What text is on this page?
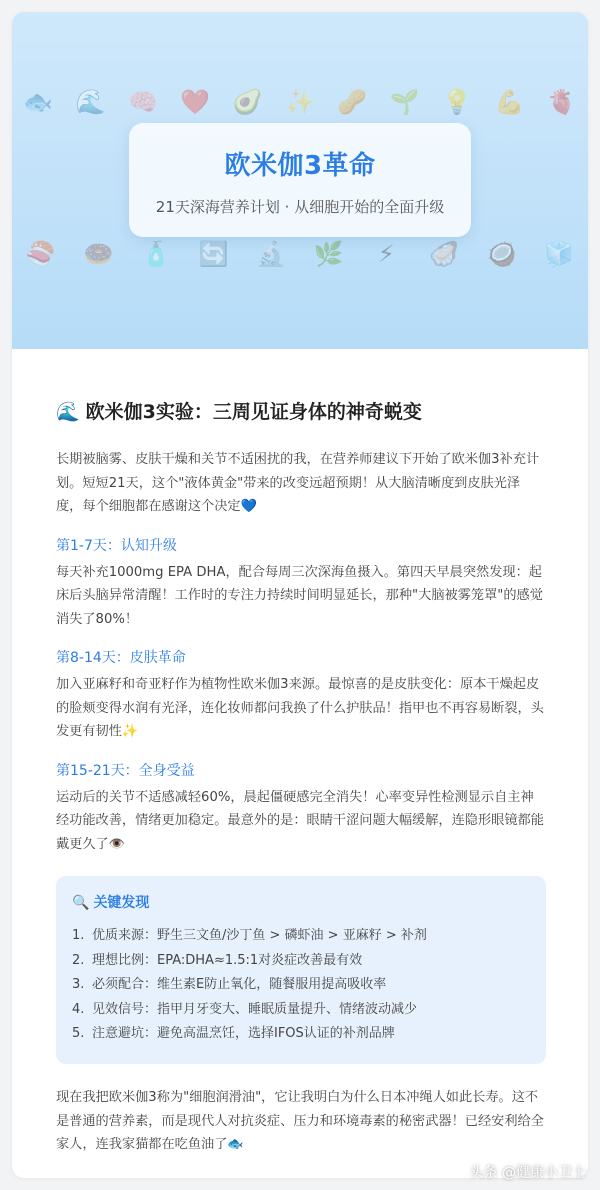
🐟 🌊 🧠 ❤️ 🥑 ✨ 🥜 🌱 💡 💪 🫀
🍣 🍩 🧴 🔄 🔬 🌿 ⚡ 🦪 🥥 🧊
欧米伽3革命
21天深海营养计划 · 从细胞开始的全面升级
🌊 欧米伽3实验：三周见证身体的神奇蜕变

长期被脑雾、皮肤干燥和关节不适困扰的我，在营养师建议下开始了欧米伽3补充计划。短短21天，这个"液体黄金"带来的改变远超预期！从大脑清晰度到皮肤光泽度，每个细胞都在感谢这个决定💙

第1-7天：认知升级

每天补充1000mg EPA DHA，配合每周三次深海鱼摄入。第四天早晨突然发现：起床后头脑异常清醒！工作时的专注力持续时间明显延长，那种"大脑被雾笼罩"的感觉消失了80%！

第8-14天：皮肤革命

加入亚麻籽和奇亚籽作为植物性欧米伽3来源。最惊喜的是皮肤变化：原本干燥起皮的脸颊变得水润有光泽，连化妆师都问我换了什么护肤品！指甲也不再容易断裂，头发更有韧性✨

第15-21天：全身受益

运动后的关节不适感减轻60%，晨起僵硬感完全消失！心率变异性检测显示自主神经功能改善，情绪更加稳定。最意外的是：眼睛干涩问题大幅缓解，连隐形眼镜都能戴更久了👁️

🔍 关键发现
1. 优质来源：野生三文鱼/沙丁鱼 > 磷虾油 > 亚麻籽 > 补剂
2. 理想比例：EPA:DHA≈1.5:1对炎症改善最有效
3. 必须配合：维生素E防止氧化，随餐服用提高吸收率
4. 见效信号：指甲月牙变大、睡眠质量提升、情绪波动减少
5. 注意避坑：避免高温烹饪，选择IFOS认证的补剂品牌

现在我把欧米伽3称为"细胞润滑油"，它让我明白为什么日本冲绳人如此长寿。这不是普通的营养素，而是现代人对抗炎症、压力和环境毒素的秘密武器！已经安利给全家人，连我家猫都在吃鱼油了🐟

头条 @健康小卫士
